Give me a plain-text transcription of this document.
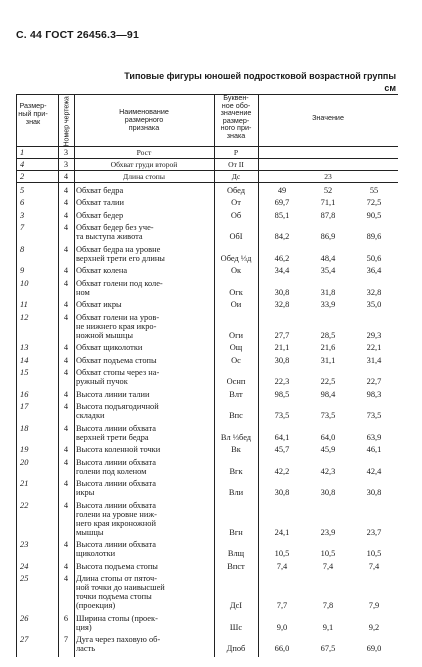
С. 44 ГОСТ 26456.3—91
Типовые фигуры юношей подростковой возрастной группы
см
Размер-
ный при-
знак	Номер чертежа	Наименование
размерного
признака
Буквен-
ное обо-
значение
размер-
ного при-
знака
Значение
1	3	Рост	Р
4	3	Обхват груди второй	От II
2	4	Длина стопы	Дс	23
5	4 Обхват бедра	Обед	49	52	55
6	4 Обхват талии	От	69,7	71,1	72,5
3	4 Обхват бедер	Об	85,1	87,8	90,5
7	4 Обхват бедер без уче-
та выступа живота	ОбI	84,2	86,9	89,6
8	4 Обхват бедра на уровне
верхней трети его длины	Обед ⅓д	46,2	48,4	50,6
9	4 Обхват колена	Ок	34,4	35,4	36,4
10	4 Обхват голени под коле-
ном	Огк	30,8	31,8	32,8
11	4 Обхват икры	Ои	32,8	33,9	35,0
12	4 Обхват голени на уров-
не нижнего края икро-
ножной мышцы	Оги	27,7	28,5	29,3
13	4 Обхват щиколотки	Ощ	21,1	21,6	22,1
14	4 Обхват подъема стопы	Ос	30,8	31,1	31,4
15	4 Обхват стопы через на-
ружный пучок	Оснп	22,3	22,5	22,7
16	4 Высота линии талии	Влт	98,5	98,4	98,3
17	4 Высота подъягодичной
складки	Впс	73,5	73,5	73,5
18	4 Высота линии обхвата
верхней трети бедра	Вл ⅓бед	64,1	64,0	63,9
19	4 Высота коленной точки	Вк	45,7	45,9	46,1
20	4 Высота линии обхвата
голени под коленом	Вгк	42,2	42,3	42,4
21	4 Высота линии обхвата
икры	Вли	30,8	30,8	30,8
22	4 Высота линии обхвата
голени на уровне ниж-
него края икроножной
мышцы	Вгн	24,1	23,9	23,7
23	4 Высота линии обхвата
щиколотки	Влщ	10,5	10,5	10,5
24	4 Высота подъема стопы	Впст	7,4	7,4	7,4
25	4 Длина стопы от пяточ-
ной точки до наивысшей
точки подъема стопы
(проекция)	ДсI	7,7	7,8	7,9
26	6 Ширина стопы (проек-
ция)	Шс	9,0	9,1	9,2
27	7 Дуга через паховую об-
ласть	Дпоб	66,0	67,5	69,0
